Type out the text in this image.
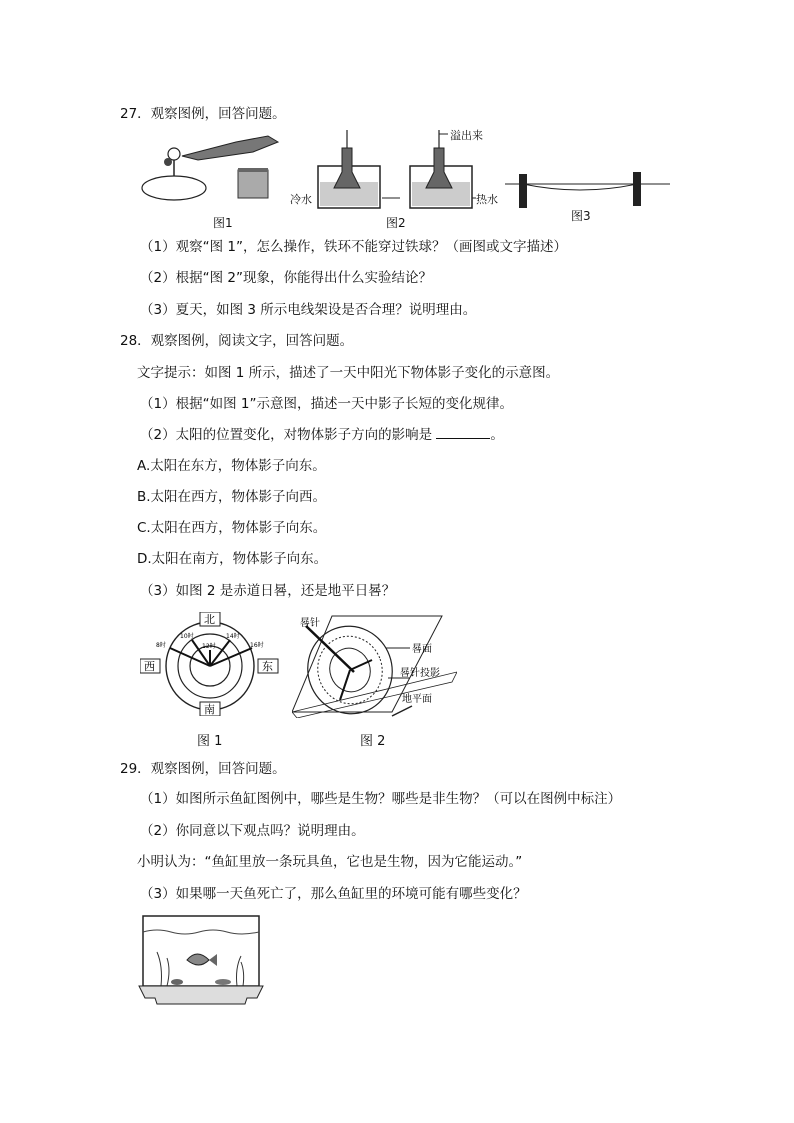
27．观察图例，回答问题。
图1
冷水	热水
溢出来
图2	图3
（1）观察“图 1”，怎么操作，铁环不能穿过铁球？（画图或文字描述）
（2）根据“图 2”现象，你能得出什么实验结论？
（3）夏天，如图 3 所示电线架设是否合理？说明理由。
28．观察图例，阅读文字，回答问题。
文字提示：如图 1 所示，描述了一天中阳光下物体影子变化的示意图。
（1）根据“如图 1”示意图，描述一天中影子长短的变化规律。
（2）太阳的位置变化，对物体影子方向的影响是	。
A.太阳在东方，物体影子向东。
B.太阳在西方，物体影子向西。
C.太阳在西方，物体影子向东。
D.太阳在南方，物体影子向东。
（3）如图 2 是赤道日晷，还是地平日晷？
8时
10时
12时
14时
16时
北
南
西	东
图 1
晷针
晷面
晷针投影
地平面
图 2
29．观察图例，回答问题。
（1）如图所示鱼缸图例中，哪些是生物？哪些是非生物？（可以在图例中标注）
（2）你同意以下观点吗？说明理由。
小明认为：“鱼缸里放一条玩具鱼，它也是生物，因为它能运动。”
（3）如果哪一天鱼死亡了，那么鱼缸里的环境可能有哪些变化？
